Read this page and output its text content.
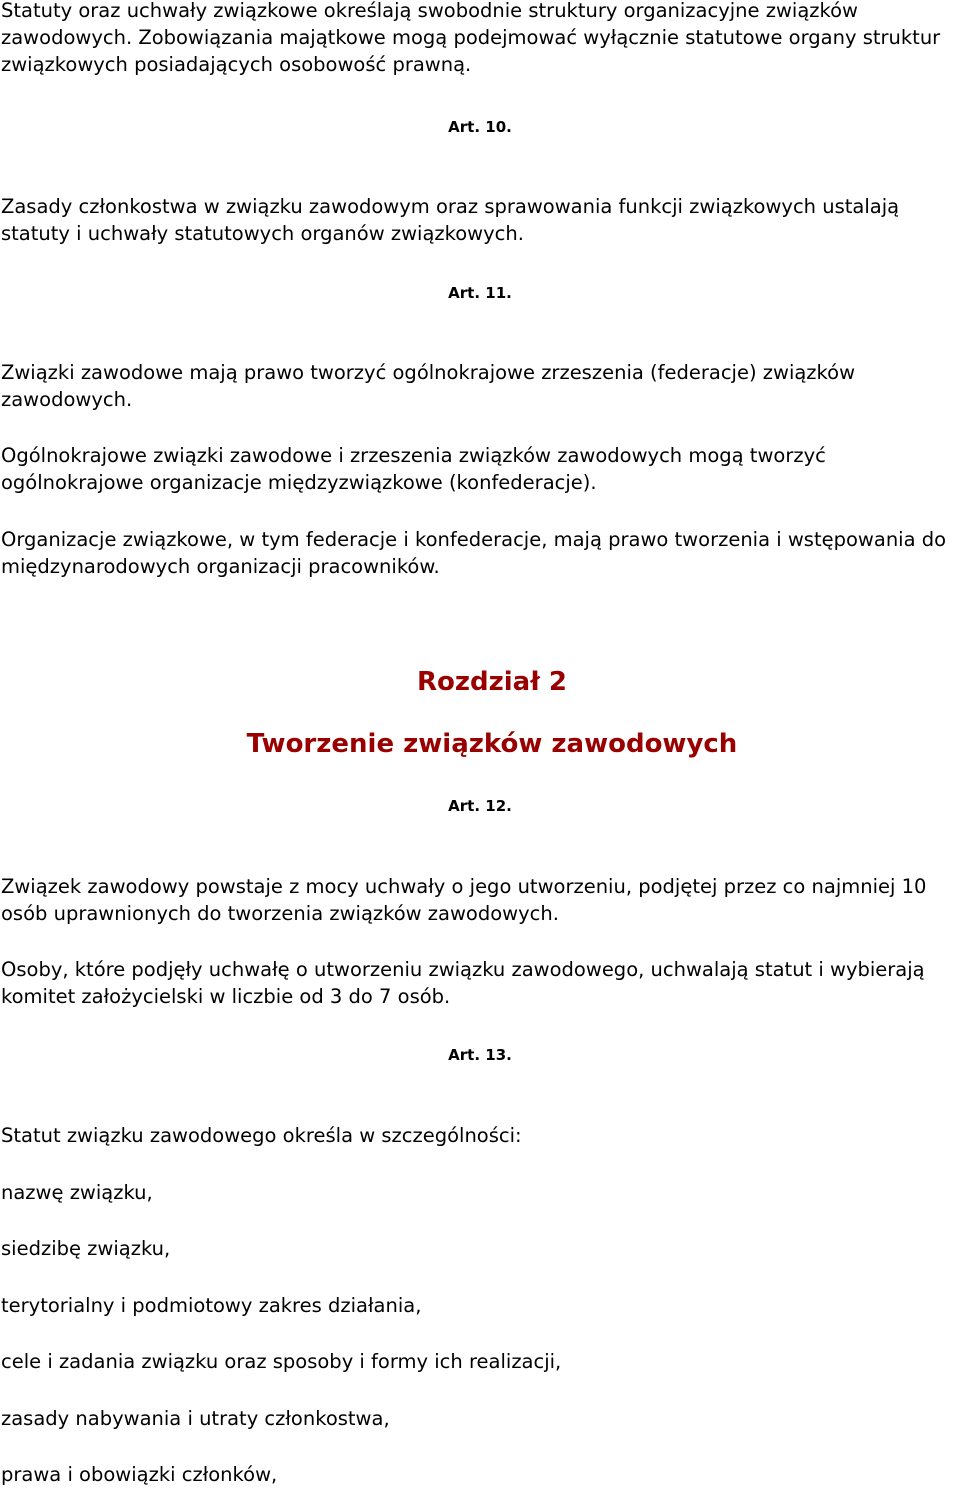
Statuty oraz uchwały związkowe określają swobodnie struktury organizacyjne związków zawodowych. Zobowiązania majątkowe mogą podejmować wyłącznie statutowe organy struktur związkowych posiadających osobowość prawną.

Art. 10.

Zasady członkostwa w związku zawodowym oraz sprawowania funkcji związkowych ustalają statuty i uchwały statutowych organów związkowych.

Art. 11.

Związki zawodowe mają prawo tworzyć ogólnokrajowe zrzeszenia (federacje) związków zawodowych.

Ogólnokrajowe związki zawodowe i zrzeszenia związków zawodowych mogą tworzyć ogólnokrajowe organizacje międzyzwiązkowe (konfederacje).

Organizacje związkowe, w tym federacje i konfederacje, mają prawo tworzenia i wstępowania do międzynarodowych organizacji pracowników.

Rozdział 2

Tworzenie związków zawodowych

Art. 12.

Związek zawodowy powstaje z mocy uchwały o jego utworzeniu, podjętej przez co najmniej 10 osób uprawnionych do tworzenia związków zawodowych.

Osoby, które podjęły uchwałę o utworzeniu związku zawodowego, uchwalają statut i wybierają komitet założycielski w liczbie od 3 do 7 osób.

Art. 13.

Statut związku zawodowego określa w szczególności:

nazwę związku,

siedzibę związku,

terytorialny i podmiotowy zakres działania,

cele i zadania związku oraz sposoby i formy ich realizacji,

zasady nabywania i utraty członkostwa,

prawa i obowiązki członków,
